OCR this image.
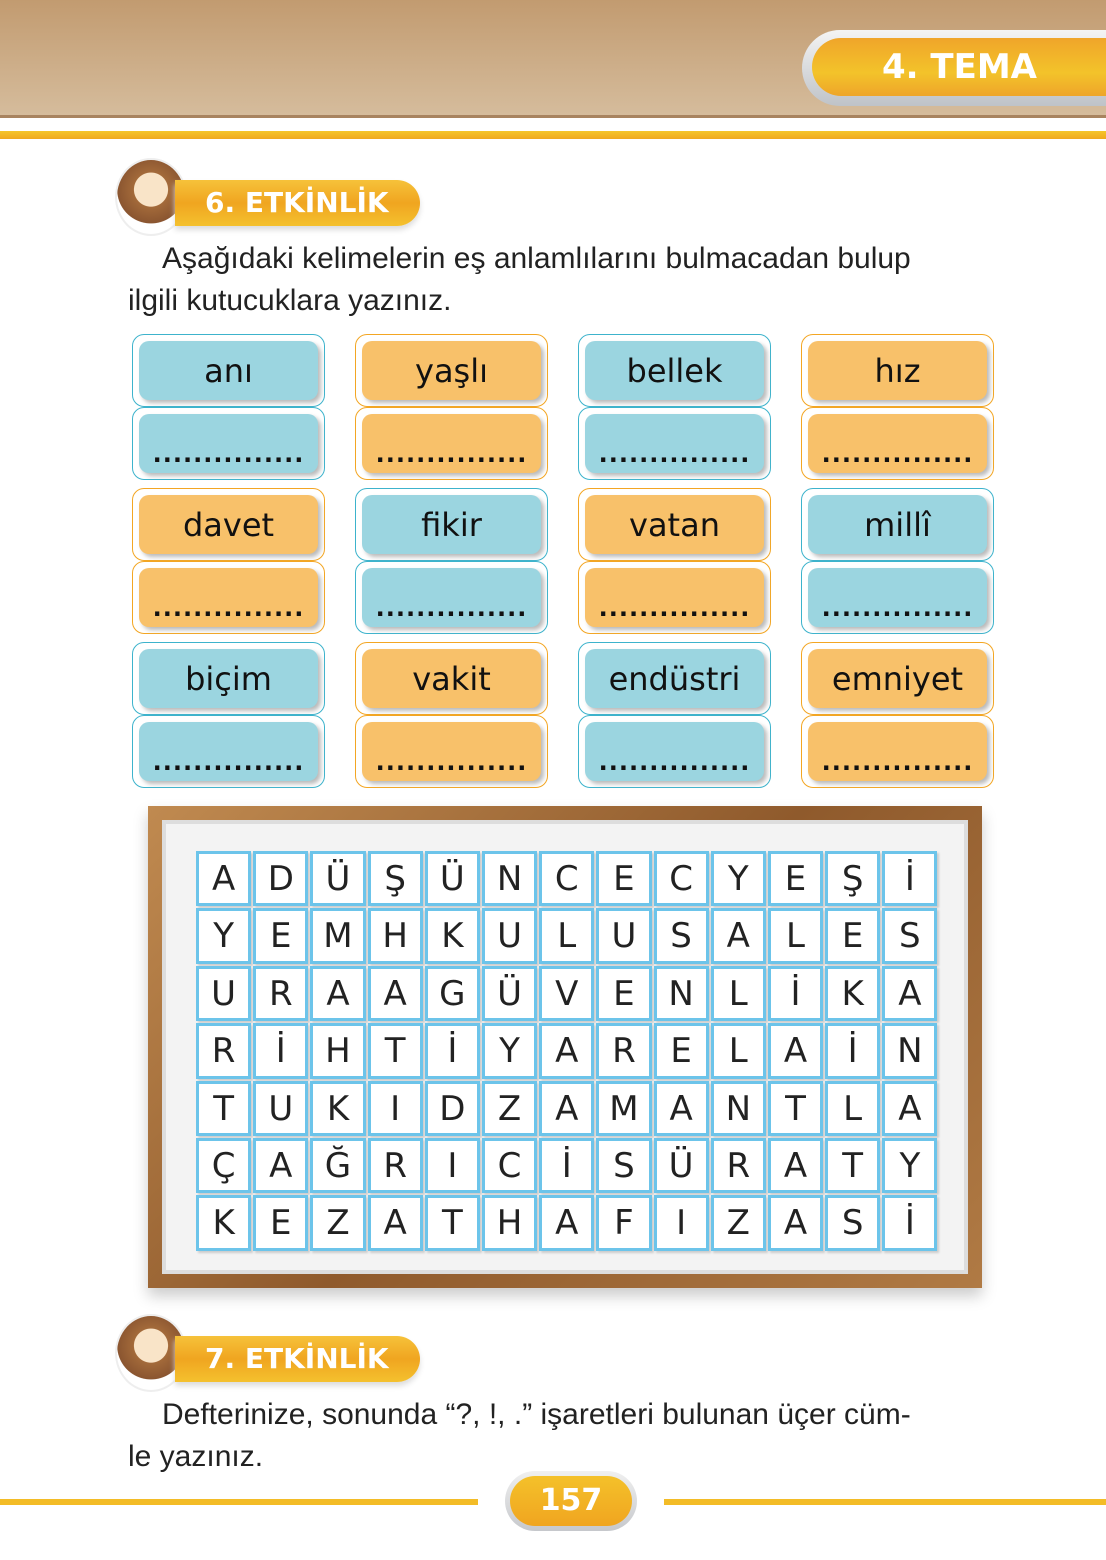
4. TEMA
6. ETKİNLİK
Aşağıdaki kelimelerin eş anlamlılarını bulmacadan bulup
ilgili kutucuklara yazınız.
anı
...............
yaşlı
...............
bellek
...............
hız
...............
davet
...............
fikir
...............
vatan
...............
millî
...............
biçim
...............
vakit
...............
endüstri
...............
emniyet
...............
A D Ü Ş Ü N C	E	C	Y	E	Ş	İ
Y	E M H K U	L	U S	A	L	E	S
U R A A G Ü V	E N	L	İ	K	A
R	İ	H	T	İ	Y	A R	E	L	A	İ	N
T	U K	I	D Z A M A N	T	L	A
Ç A Ğ R	I	C	İ	S Ü R A	T	Y
K	E	Z A	T	H A	F	I	Z A	S	İ
7. ETKİNLİK
Defterinize, sonunda “?, !, .” işaretleri bulunan üçer cüm-
le yazınız.
157
